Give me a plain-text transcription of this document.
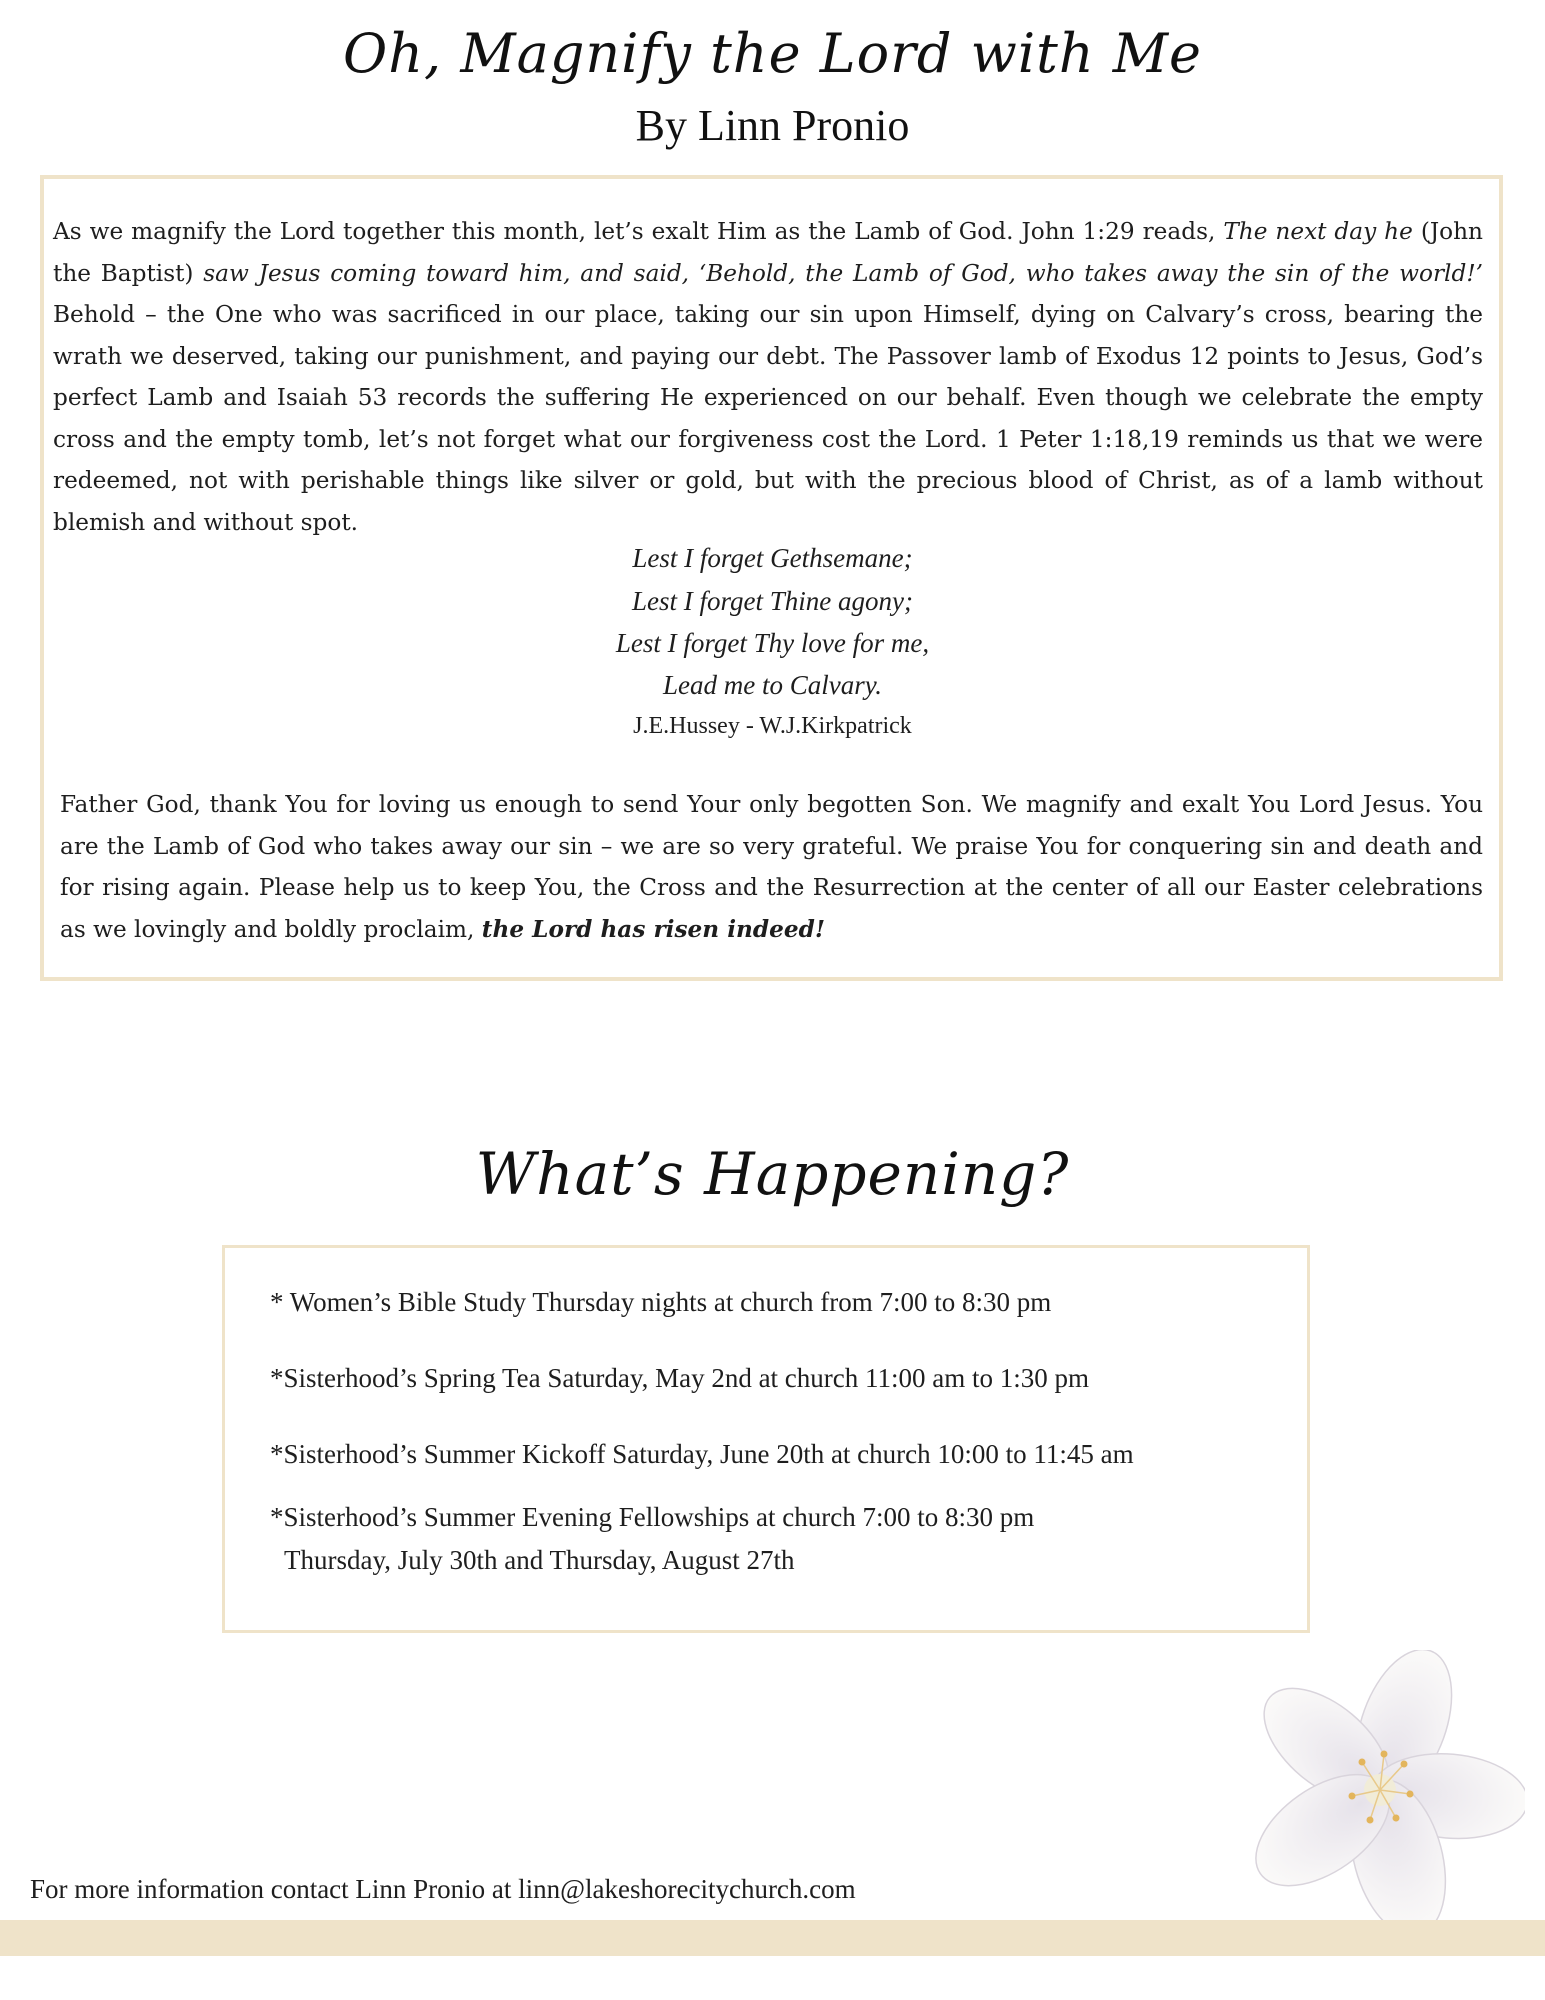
Oh, Magnify the Lord with Me
By Linn Pronio
As we magnify the Lord together this month, let’s exalt Him as the Lamb of God. John 1:29 reads, The next day he (John the Baptist) saw Jesus coming toward him, and said, ‘Behold, the Lamb of God, who takes away the sin of the world!’ Behold – the One who was sacrificed in our place, taking our sin upon Himself, dying on Calvary’s cross, bearing the wrath we deserved, taking our punishment, and paying our debt. The Passover lamb of Exodus 12 points to Jesus, God’s perfect Lamb and Isaiah 53 records the suffering He experienced on our behalf. Even though we celebrate the empty cross and the empty tomb, let’s not forget what our forgiveness cost the Lord. 1 Peter 1:18,19 reminds us that we were redeemed, not with perishable things like silver or gold, but with the precious blood of Christ, as of a lamb without blemish and without spot.
Lest I forget Gethsemane;
Lest I forget Thine agony;
Lest I forget Thy love for me,
Lead me to Calvary.
J.E.Hussey - W.J.Kirkpatrick
Father God, thank You for loving us enough to send Your only begotten Son. We magnify and exalt You Lord Jesus. You are the Lamb of God who takes away our sin – we are so very grateful. We praise You for conquering sin and death and for rising again. Please help us to keep You, the Cross and the Resurrection at the center of all our Easter celebrations as we lovingly and boldly proclaim, the Lord has risen indeed!
What’s Happening?
* Women’s Bible Study Thursday nights at church from 7:00 to 8:30 pm
*Sisterhood’s Spring Tea Saturday, May 2nd at church 11:00 am to 1:30 pm
*Sisterhood’s Summer Kickoff Saturday, June 20th at church 10:00 to 11:45 am
*Sisterhood’s Summer Evening Fellowships at church 7:00 to 8:30 pm
Thursday, July 30th and Thursday, August 27th
For more information contact Linn Pronio at linn@lakeshorecitychurch.com
